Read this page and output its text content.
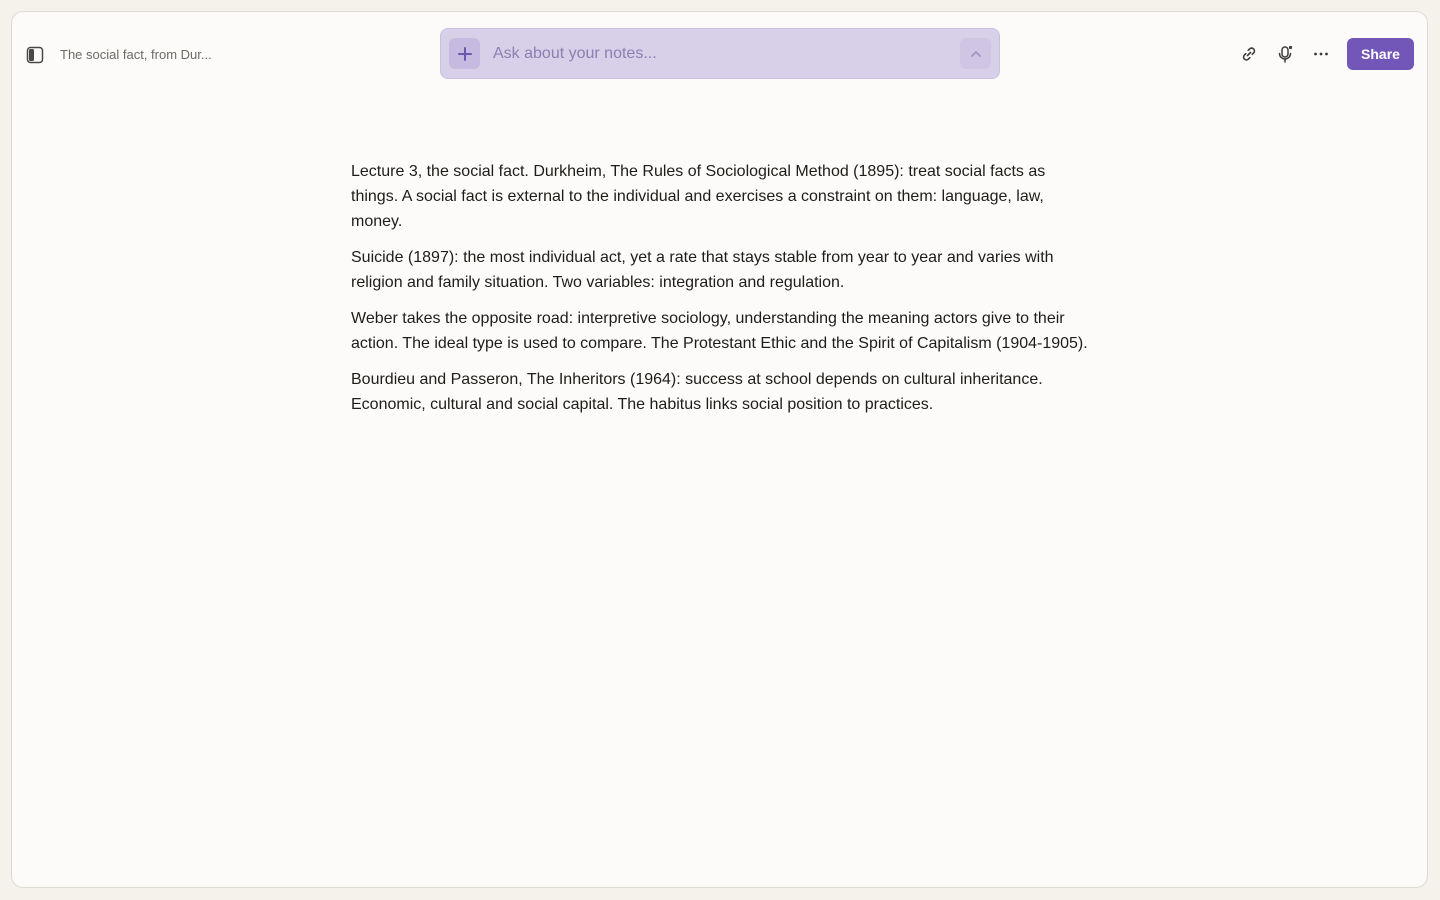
The social fact, from Dur...
Ask about your notes...	Share

Lecture 3, the social fact. Durkheim, The Rules of Sociological Method (1895): treat social facts as things. A social fact is external to the individual and exercises a constraint on them: language, law, money.

Suicide (1897): the most individual act, yet a rate that stays stable from year to year and varies with religion and family situation. Two variables: integration and regulation.

Weber takes the opposite road: interpretive sociology, understanding the meaning actors give to their action. The ideal type is used to compare. The Protestant Ethic and the Spirit of Capitalism (1904-1905).

Bourdieu and Passeron, The Inheritors (1964): success at school depends on cultural inheritance. Economic, cultural and social capital. The habitus links social position to practices.
